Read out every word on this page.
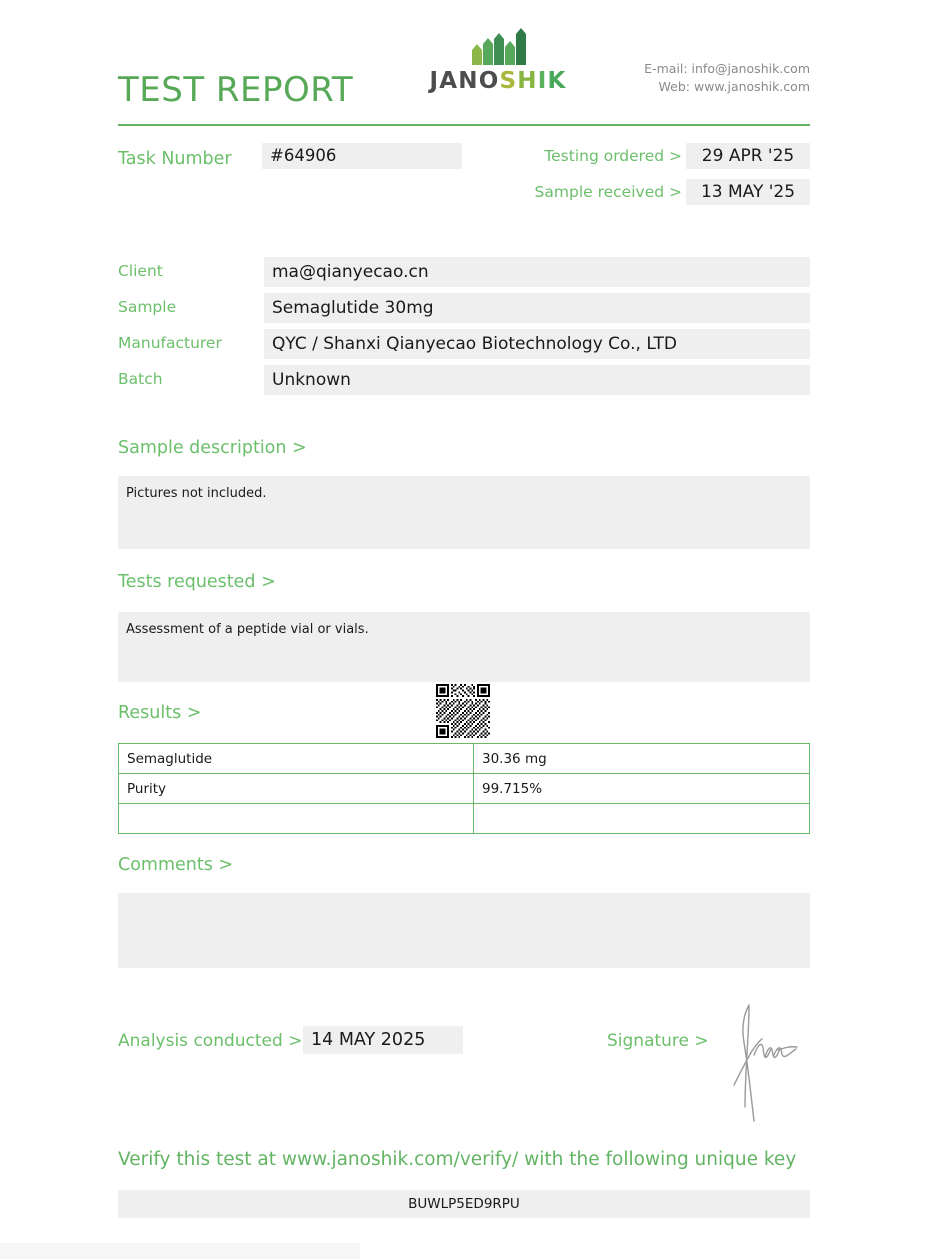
TEST REPORT	JANOSHIK	E-mail: info@janoshik.com
Web: www.janoshik.com
Task Number	#64906	Testing ordered >	29 APR '25
Sample received >	13 MAY '25
Client	ma@qianyecao.cn
Sample	Semaglutide 30mg
Manufacturer	QYC / Shanxi Qianyecao Biotechnology Co., LTD
Batch	Unknown
Sample description >
Pictures not included.
Tests requested >
Assessment of a peptide vial or vials.
Results >
Semaglutide	30.36 mg
Purity	99.715%

Comments >
Analysis conducted > 14 MAY 2025	Signature >
Verify this test at www.janoshik.com/verify/ with the following unique key
BUWLP5ED9RPU
